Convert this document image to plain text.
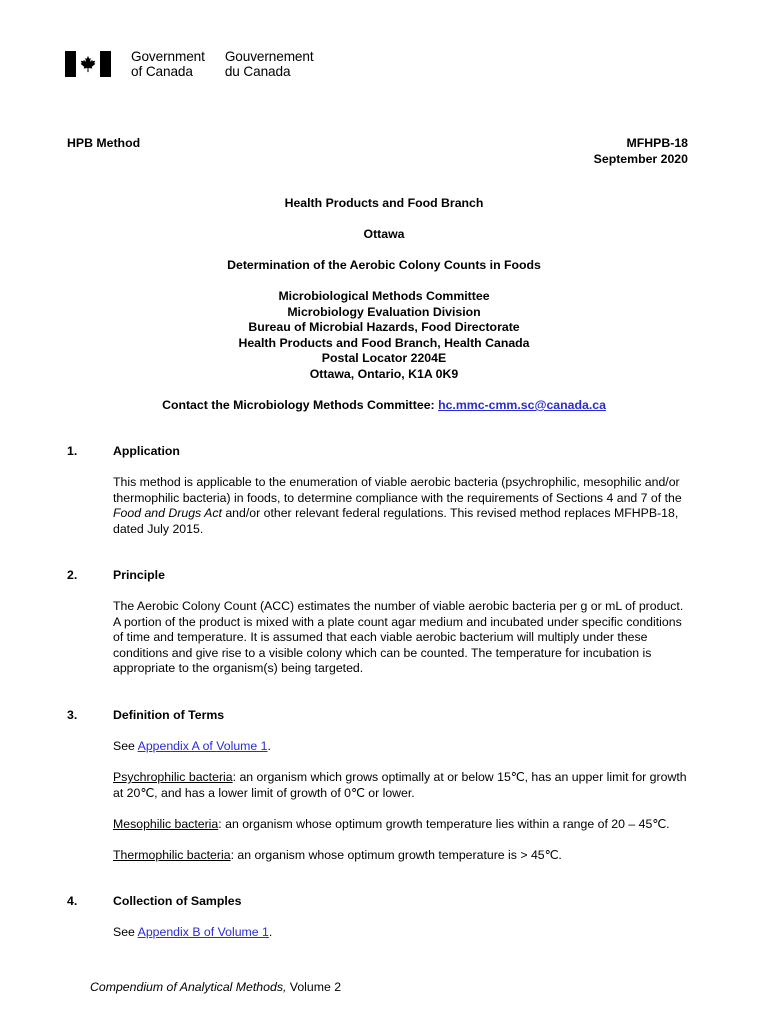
Government
of Canada
Gouvernement
du Canada
HPB Method	MFHPB-18
September 2020
Health Products and Food Branch
Ottawa
Determination of the Aerobic Colony Counts in Foods
Microbiological Methods Committee
Microbiology Evaluation Division
Bureau of Microbial Hazards, Food Directorate
Health Products and Food Branch, Health Canada
Postal Locator 2204E
Ottawa, Ontario, K1A 0K9
Contact the Microbiology Methods Committee: hc.mmc-cmm.sc@canada.ca
1.	Application
This method is applicable to the enumeration of viable aerobic bacteria (psychrophilic, mesophilic and/or
thermophilic bacteria) in foods, to determine compliance with the requirements of Sections 4 and 7 of the
Food and Drugs Act and/or other relevant federal regulations. This revised method replaces MFHPB-18,
dated July 2015.
2.	Principle
The Aerobic Colony Count (ACC) estimates the number of viable aerobic bacteria per g or mL of product.
A portion of the product is mixed with a plate count agar medium and incubated under specific conditions
of time and temperature. It is assumed that each viable aerobic bacterium will multiply under these
conditions and give rise to a visible colony which can be counted. The temperature for incubation is
appropriate to the organism(s) being targeted.
3.	Definition of Terms
See Appendix A of Volume 1.
Psychrophilic bacteria: an organism which grows optimally at or below 15℃, has an upper limit for growth
at 20℃, and has a lower limit of growth of 0℃ or lower.
Mesophilic bacteria: an organism whose optimum growth temperature lies within a range of 20 – 45℃.
Thermophilic bacteria: an organism whose optimum growth temperature is > 45℃.
4.	Collection of Samples
See Appendix B of Volume 1.
Compendium of Analytical Methods, Volume 2
